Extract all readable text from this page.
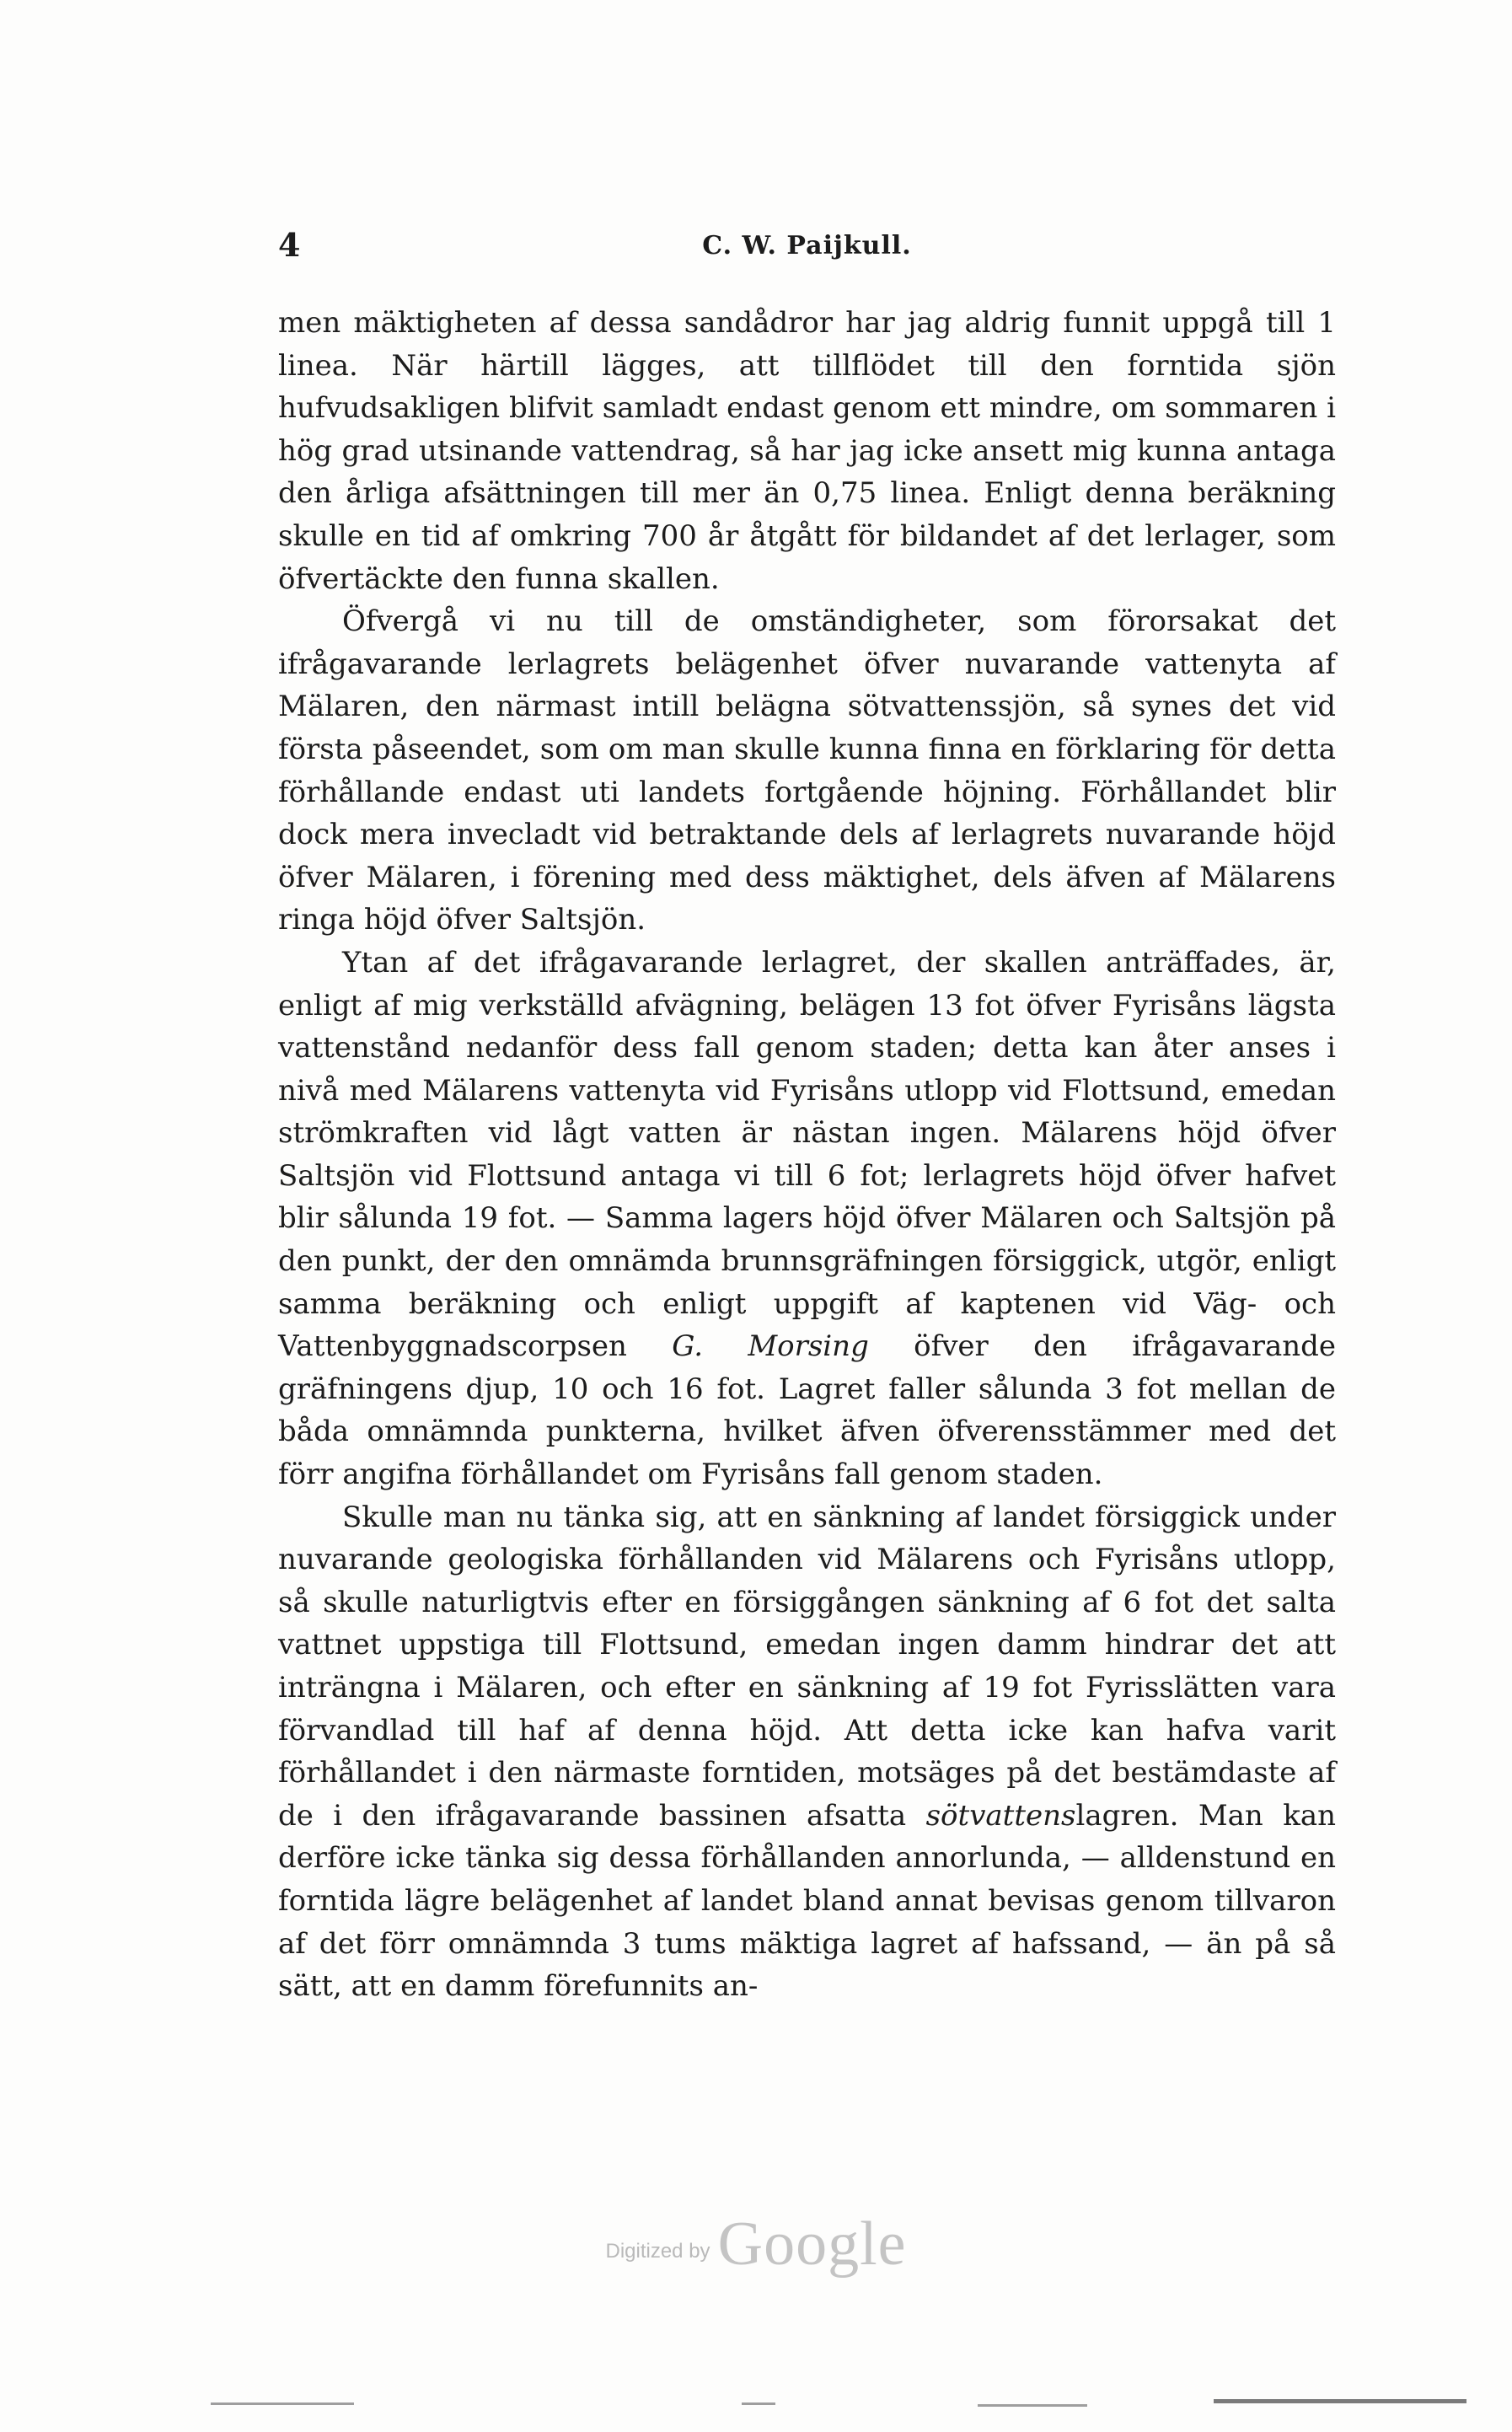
4	C. W. Paijkull.

men mäktigheten af dessa sandådror har jag aldrig funnit uppgå till 1 linea. När härtill lägges, att tillflödet till den forntida sjön hufvudsakligen blifvit samladt endast genom ett mindre, om sommaren i hög grad utsinande vattendrag, så har jag icke ansett mig kunna antaga den årliga afsättningen till mer än 0,75 linea. Enligt denna beräkning skulle en tid af omkring 700 år åtgått för bildandet af det lerlager, som öfvertäckte den funna skallen.

Öfvergå vi nu till de omständigheter, som förorsakat det ifrågavarande lerlagrets belägenhet öfver nuvarande vattenyta af Mälaren, den närmast intill belägna sötvattenssjön, så synes det vid första påseendet, som om man skulle kunna finna en förklaring för detta förhållande endast uti landets fortgående höjning. Förhållandet blir dock mera invecladt vid betraktande dels af lerlagrets nuvarande höjd öfver Mälaren, i förening med dess mäktighet, dels äfven af Mälarens ringa höjd öfver Saltsjön.

Ytan af det ifrågavarande lerlagret, der skallen anträffades, är, enligt af mig verkställd afvägning, belägen 13 fot öfver Fyrisåns lägsta vattenstånd nedanför dess fall genom staden; detta kan åter anses i nivå med Mälarens vattenyta vid Fyrisåns utlopp vid Flottsund, emedan strömkraften vid lågt vatten är nästan ingen. Mälarens höjd öfver Saltsjön vid Flottsund antaga vi till 6 fot; lerlagrets höjd öfver hafvet blir sålunda 19 fot. — Samma lagers höjd öfver Mälaren och Saltsjön på den punkt, der den omnämda brunnsgräfningen försiggick, utgör, enligt samma beräkning och enligt uppgift af kaptenen vid Väg- och Vattenbyggnadscorpsen G. Morsing öfver den ifrågavarande gräfningens djup, 10 och 16 fot. Lagret faller sålunda 3 fot mellan de båda omnämnda punkterna, hvilket äfven öfverensstämmer med det förr angifna förhållandet om Fyrisåns fall genom staden.

Skulle man nu tänka sig, att en sänkning af landet försiggick under nuvarande geologiska förhållanden vid Mälarens och Fyrisåns utlopp, så skulle naturligtvis efter en försiggången sänkning af 6 fot det salta vattnet uppstiga till Flottsund, emedan ingen damm hindrar det att inträngna i Mälaren, och efter en sänkning af 19 fot Fyrisslätten vara förvandlad till haf af denna höjd. Att detta icke kan hafva varit förhållandet i den närmaste forntiden, motsäges på det bestämdaste af de i den ifrågavarande bassinen afsatta sötvattenslagren. Man kan derföre icke tänka sig dessa förhållanden annorlunda, — alldenstund en forntida lägre belägenhet af landet bland annat bevisas genom tillvaron af det förr omnämnda 3 tums mäktiga lagret af hafssand, — än på så sätt, att en damm förefunnits an-

Digitized by Google
